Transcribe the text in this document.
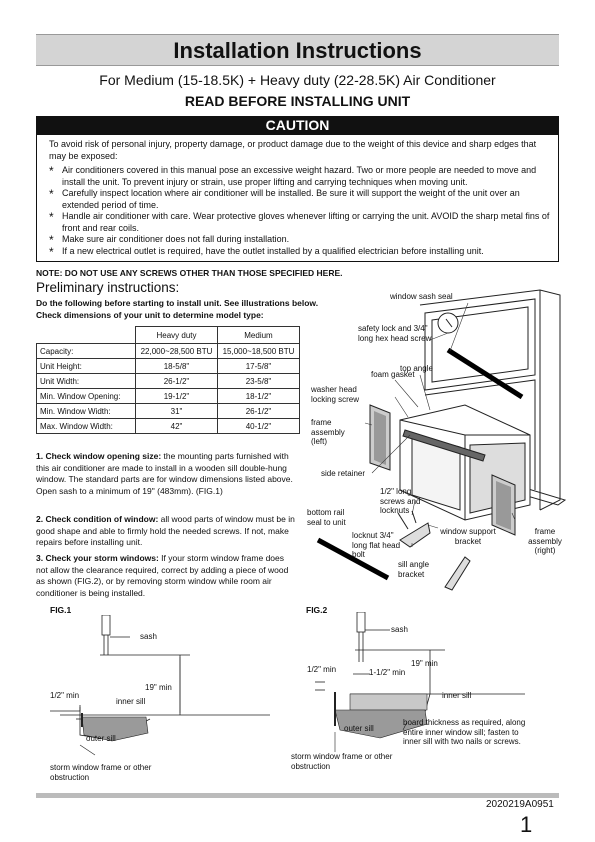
Installation Instructions
For Medium (15-18.5K) + Heavy duty (22-28.5K) Air Conditioner
READ BEFORE INSTALLING UNIT
CAUTION
To avoid risk of personal injury, property damage, or product damage due to the weight of this device and sharp edges that may be exposed:
* Air conditioners covered in this manual pose an excessive weight hazard. Two or more people are needed to move and install the unit. To prevent injury or strain, use proper lifting and carrying techniques when moving unit.
* Carefully inspect location where air conditioner will be installed. Be sure it will support the weight of the unit over an extended period of time.
* Handle air conditioner with care. Wear protective gloves whenever lifting or carrying the unit. AVOID the sharp metal fins of front and rear coils.
* Make sure air conditioner does not fall during installation.
* If a new electrical outlet is required, have the outlet installed by a qualified electrician before installing unit.
NOTE: DO NOT USE ANY SCREWS OTHER THAN THOSE SPECIFIED HERE.
Preliminary instructions:
Do the following before starting to install unit. See illustrations below.
Check dimensions of your unit to determine model type:
	Heavy duty	Medium
Capacity:	22,000~28,500 BTU	15,000~18,500 BTU
Unit Height:	18-5/8"	17-5/8"
Unit Width:	26-1/2"	23-5/8"
Min. Window Opening:	19-1/2"	18-1/2"
Min. Window Width:	31"	26-1/2"
Max. Window Width:	42"	40-1/2"
1. Check window opening size: the mounting parts furnished with this air conditioner are made to install in a wooden sill double-hung window. The standard parts are for window dimensions listed above. Open sash to a minimum of 19" (483mm). (FIG.1)
2. Check condition of window: all wood parts of window must be in good shape and able to firmly hold the needed screws. If not, make repairs before installing unit.
3. Check your storm windows: If your storm window frame does not allow the clearance required, correct by adding a piece of wood as shown (FIG.2), or by removing storm window while room air conditioner is being installed.
window sash seal
safety lock and 3/4" long hex head screw
foam gasket
top angle
washer head locking screw
frame assembly (left)
side retainer
1/2" long screws and locknuts
bottom rail seal to unit
window support bracket
frame assembly (right)
locknut 3/4" long flat head bolt
sill angle bracket
FIG.1
sash
19" min
1/2" min
inner sill
outer sill
storm window frame or other obstruction
FIG.2
sash
19" min
1/2" min	1-1/2" min
inner sill
outer sill
board thickness as required, along entire inner window sill; fasten to inner sill with two nails or screws.
storm window frame or other obstruction
2020219A0951
1
